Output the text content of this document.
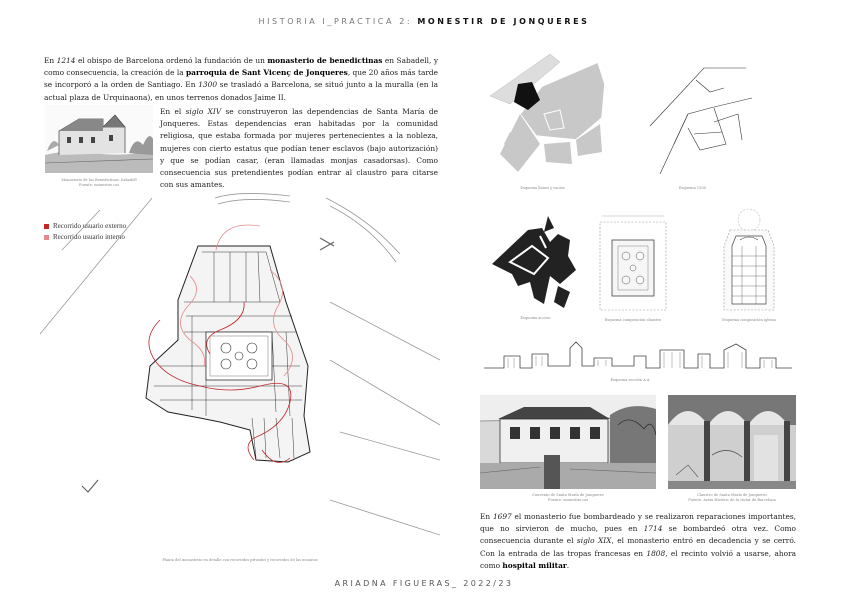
HISTORIA I_PRACTICA 2: MONESTIR DE JONQUERES
En 1214 el obispo de Barcelona ordenó la fundación de un monasterio de benedictinas en Sabadell, y como consecuencia, la creación de la parroquia de Sant Vicenç de Jonqueres, que 20 años más tarde se incorporó a la orden de Santiago. En 1300 se trasladó a Barcelona, se situó junto a la muralla (en la actual plaza de Urquinaona), en unos terrenos donados Jaime II.
Monasterio de las Benedictinas, Sabadell
Fuente: monestirs.cat
En el siglo XIV se construyeron las dependencias de Santa María de Jonqueres. Estas dependencias eran habitadas por la comunidad religiosa, que estaba formada por mujeres pertenecientes a la nobleza, mujeres con cierto estatus que podían tener esclavos (bajo autorización) y que se podían casar, (eran llamadas monjas casadorsas). Como consecuencia sus pretendientes podían entrar al claustro para citarse con sus amantes.
Recorrido usuario externo
Recorrido usuario interno
Planta del monasterio en detalle con recorridos privados y recorridos de las usuarios
Esquema llenos y vacíos	Esquema 1500
Esquema acceso	Esquema composición claustro	Esquema composición iglesia
Esquema sección A-A
Convento de Santa María de Jonqueres
Fuente: monestirs.cat
Claustro de Santa María de Jonqueres
Fuente: Arxiu Històric de la ciutat de Barcelona
En 1697 el monasterio fue bombardeado y se realizaron reparaciones importantes, que no sirvieron de mucho, pues en 1714 se bombardeó otra vez. Como consecuencia durante el siglo XIX, el monasterio entró en decadencia y se cerró. Con la entrada de las tropas francesas en 1808, el recinto volvió a usarse, ahora como hospital militar.
ARIADNA FIGUERAS_ 2022/23
